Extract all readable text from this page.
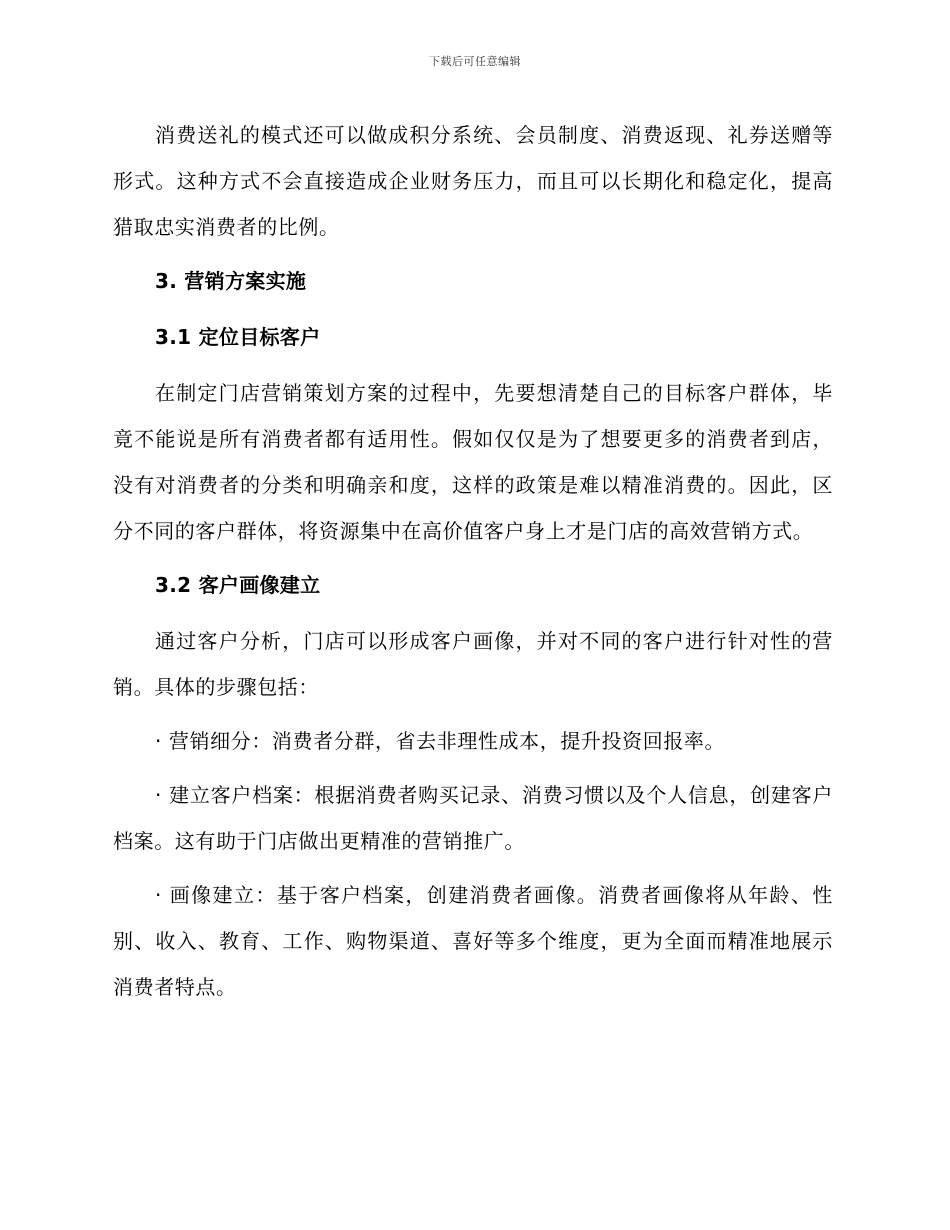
下载后可任意编辑

消费送礼的模式还可以做成积分系统、会员制度、消费返现、礼券送赠等形式。这种方式不会直接造成企业财务压力，而且可以长期化和稳定化，提高猎取忠实消费者的比例。

3. 营销方案实施
3.1 定位目标客户

在制定门店营销策划方案的过程中，先要想清楚自己的目标客户群体，毕竟不能说是所有消费者都有适用性。假如仅仅是为了想要更多的消费者到店，没有对消费者的分类和明确亲和度，这样的政策是难以精准消费的。因此，区分不同的客户群体，将资源集中在高价值客户身上才是门店的高效营销方式。

3.2 客户画像建立

通过客户分析，门店可以形成客户画像，并对不同的客户进行针对性的营销。具体的步骤包括：

· 营销细分：消费者分群，省去非理性成本，提升投资回报率。

· 建立客户档案：根据消费者购买记录、消费习惯以及个人信息，创建客户档案。这有助于门店做出更精准的营销推广。

· 画像建立：基于客户档案，创建消费者画像。消费者画像将从年龄、性别、收入、教育、工作、购物渠道、喜好等多个维度，更为全面而精准地展示消费者特点。
